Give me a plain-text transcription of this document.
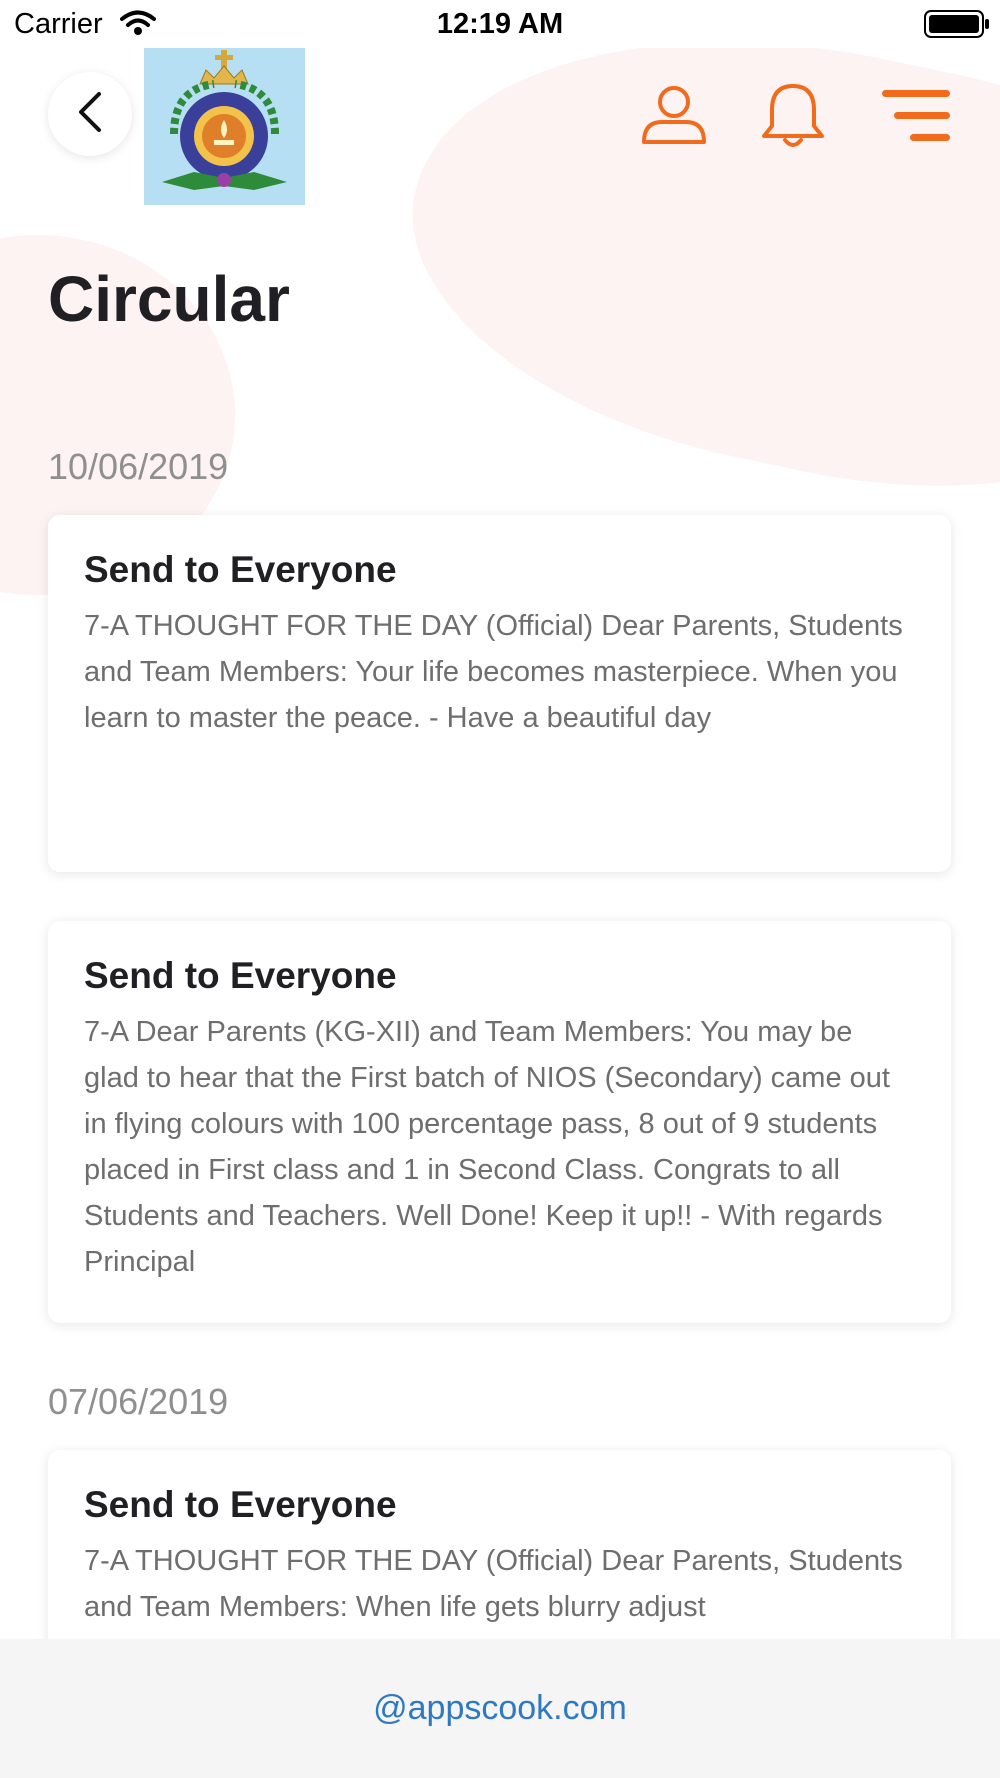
Carrier	12:19 AM
Circular
10/06/2019

Send to Everyone

7-A THOUGHT FOR THE DAY (Official) Dear Parents, Students and Team Members: Your life becomes masterpiece. When you learn to master the peace. - Have a beautiful day

Send to Everyone

7-A Dear Parents (KG-XII) and Team Members: You may be glad to hear that the First batch of NIOS (Secondary) came out in flying colours with 100 percentage pass, 8 out of 9 students placed in First class and 1 in Second Class. Congrats to all Students and Teachers. Well Done! Keep it up!! - With regards Principal

07/06/2019

Send to Everyone

7-A THOUGHT FOR THE DAY (Official) Dear Parents, Students and Team Members: When life gets blurry adjust

@appscook.com
